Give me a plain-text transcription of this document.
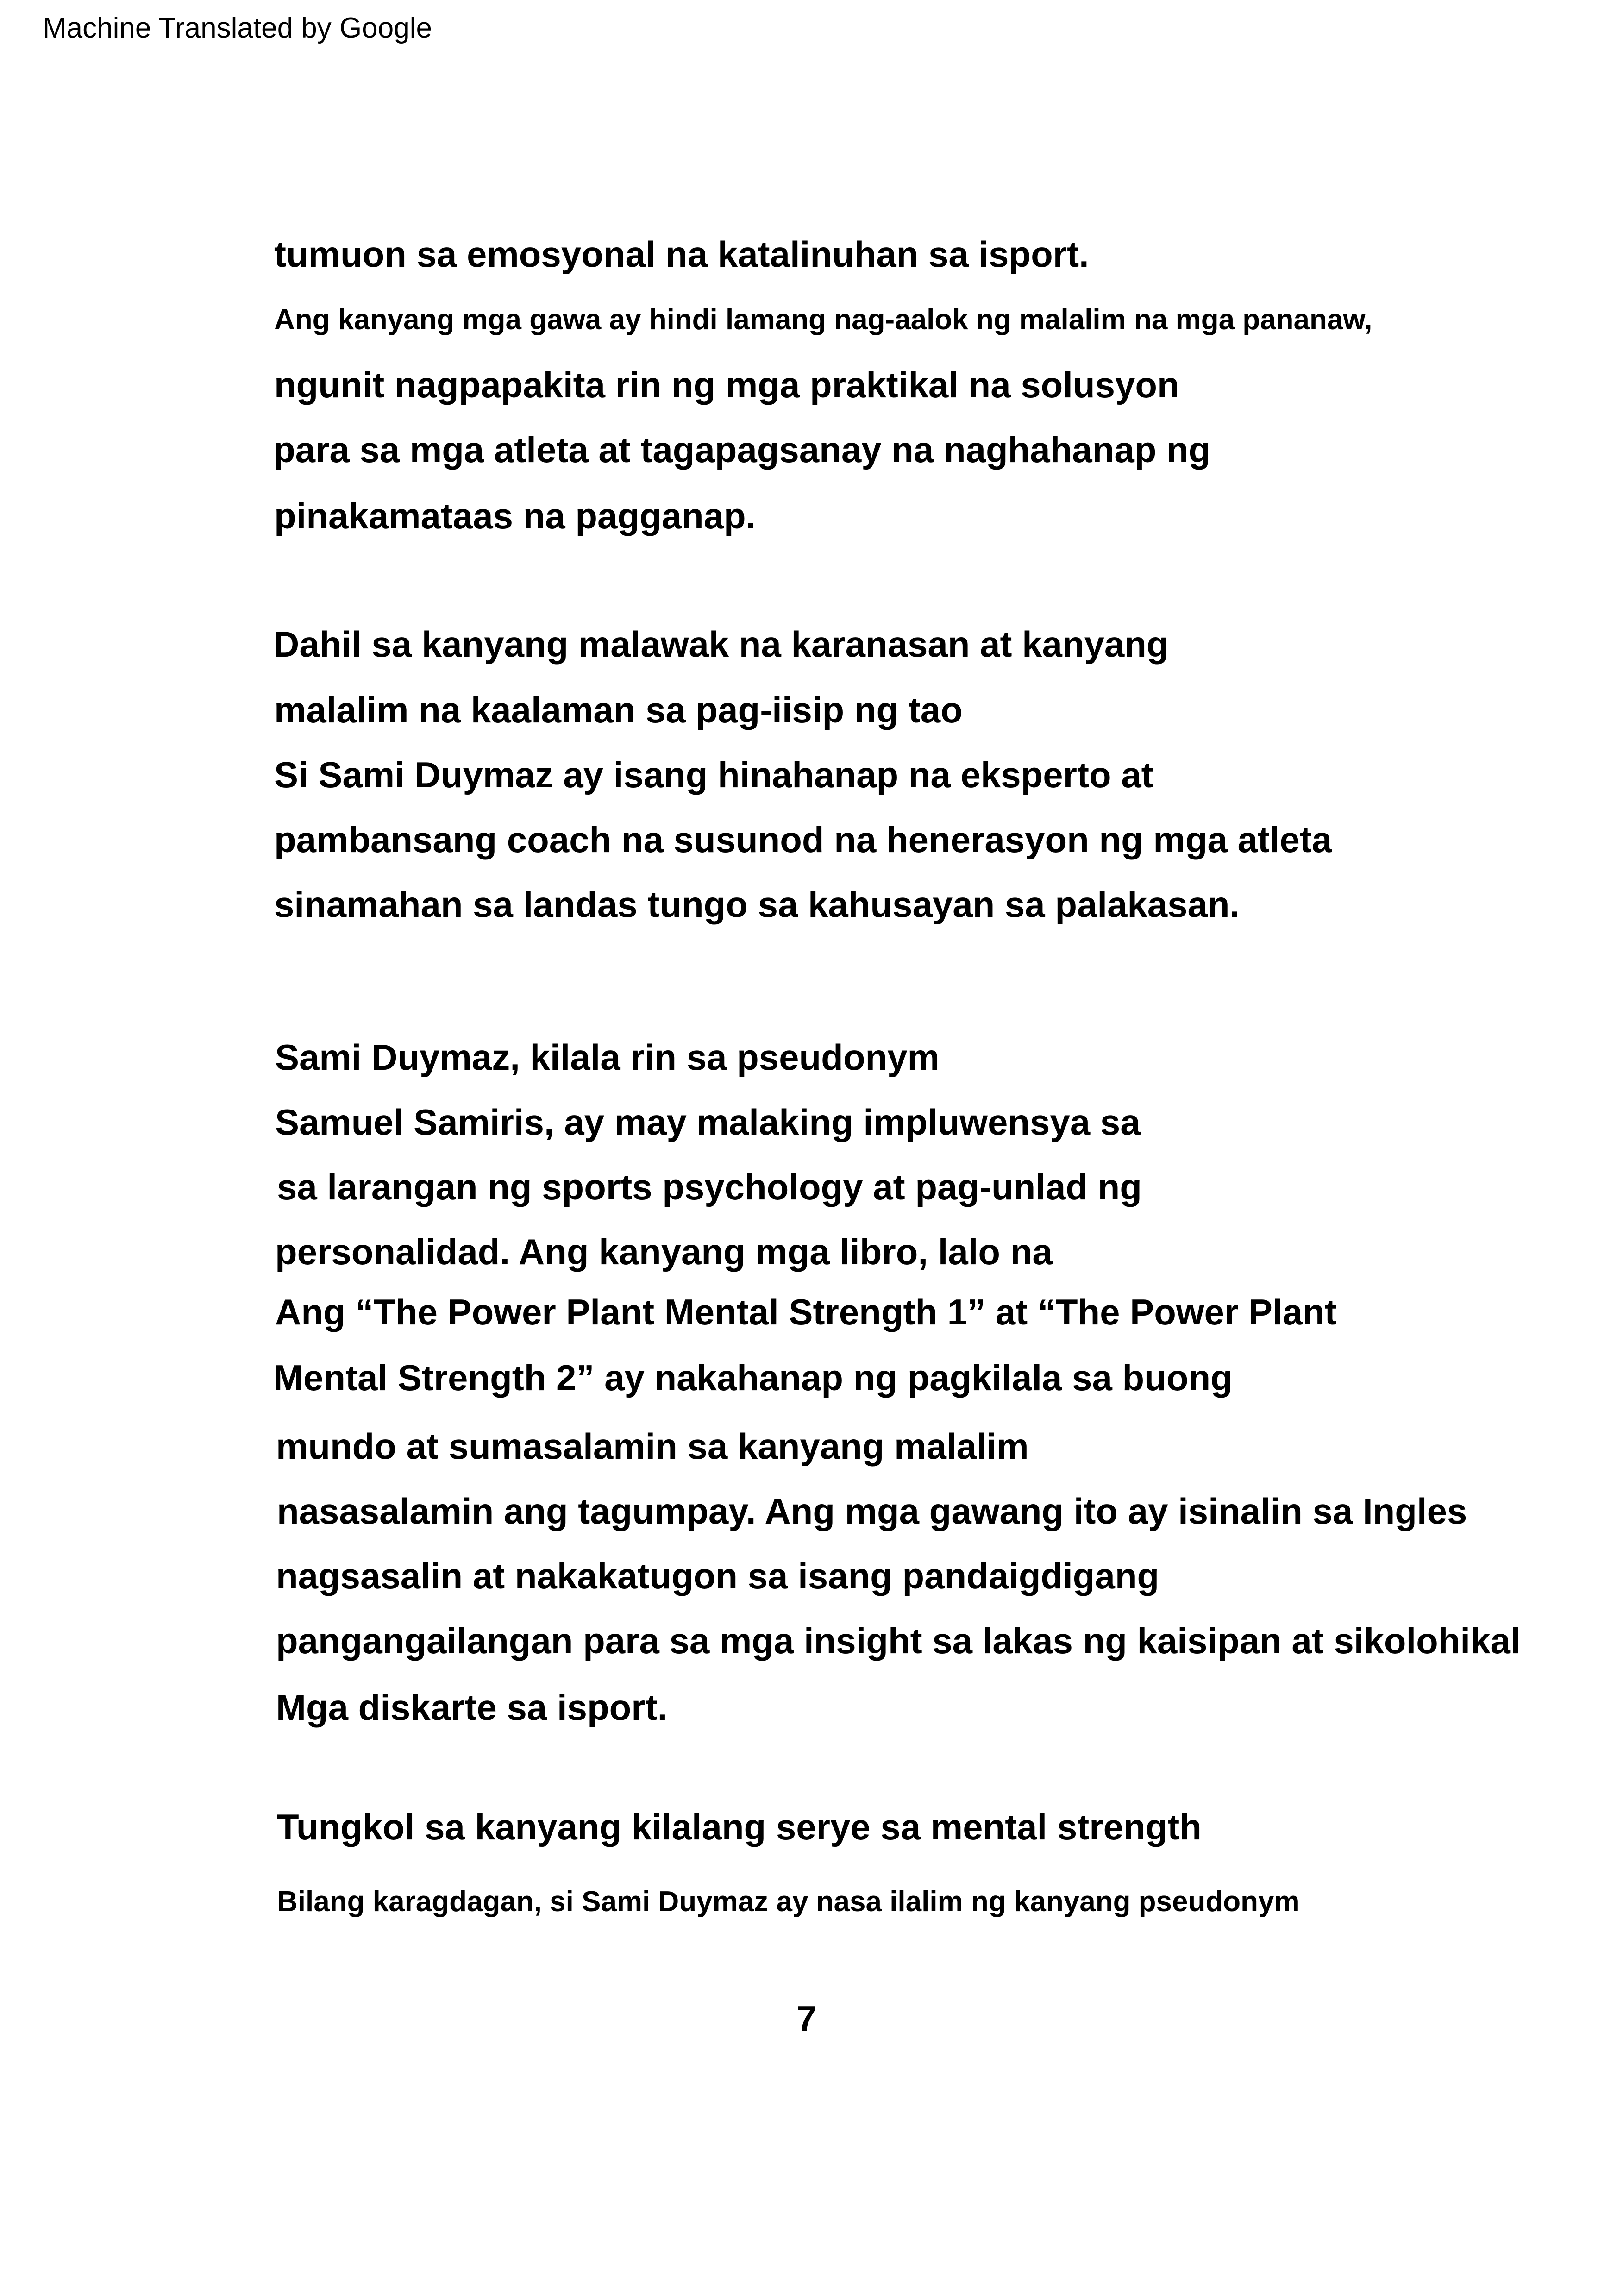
Machine Translated by Google
tumuon sa emosyonal na katalinuhan sa isport.
Ang kanyang mga gawa ay hindi lamang nag-aalok ng malalim na mga pananaw,
ngunit nagpapakita rin ng mga praktikal na solusyon
para sa mga atleta at tagapagsanay na naghahanap ng
pinakamataas na pagganap.
Dahil sa kanyang malawak na karanasan at kanyang
malalim na kaalaman sa pag-iisip ng tao
Si Sami Duymaz ay isang hinahanap na eksperto at
pambansang coach na susunod na henerasyon ng mga atleta
sinamahan sa landas tungo sa kahusayan sa palakasan.
Sami Duymaz, kilala rin sa pseudonym
Samuel Samiris, ay may malaking impluwensya sa
sa larangan ng sports psychology at pag-unlad ng
personalidad. Ang kanyang mga libro, lalo na
Ang “The Power Plant Mental Strength 1” at “The Power Plant
Mental Strength 2” ay nakahanap ng pagkilala sa buong
mundo at sumasalamin sa kanyang malalim
nasasalamin ang tagumpay. Ang mga gawang ito ay isinalin sa Ingles
nagsasalin at nakakatugon sa isang pandaigdigang
pangangailangan para sa mga insight sa lakas ng kaisipan at sikolohikal
Mga diskarte sa isport.
Tungkol sa kanyang kilalang serye sa mental strength
Bilang karagdagan, si Sami Duymaz ay nasa ilalim ng kanyang pseudonym
7
